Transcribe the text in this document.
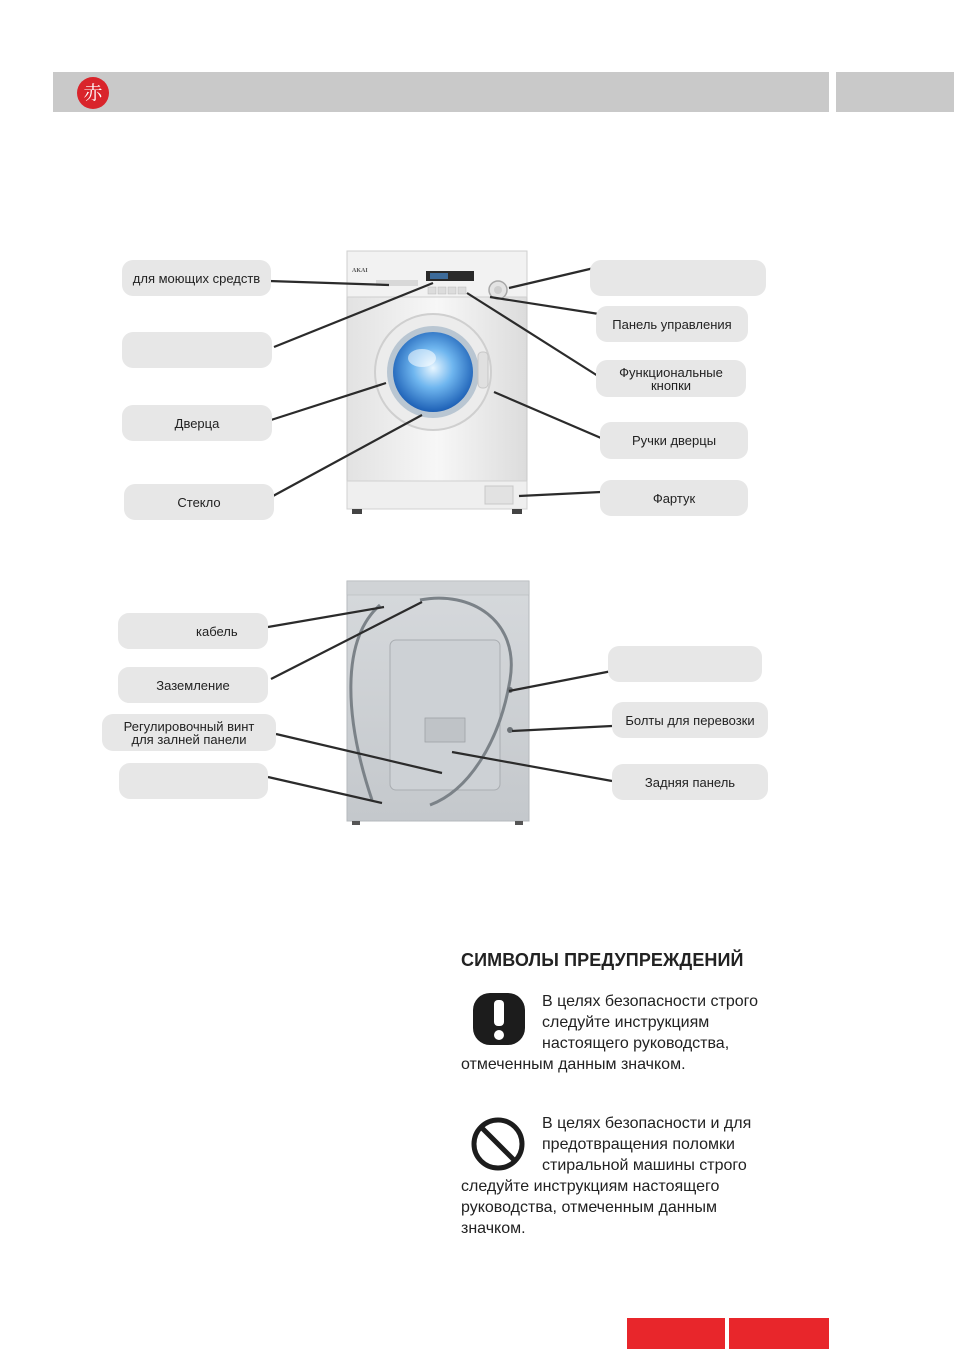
赤
AKAI
для моющих средств
Дверца
Стекло
Панель управления
Функциональные
кнопки
Ручки дверцы
Фартук
кабель
Заземление
Регулировочный винт
для залней панели
Болты для перевозки
Задняя панель
СИМВОЛЫ ПРЕДУПРЕЖДЕНИЙ
В целях безопасности строго
следуйте инструкциям
настоящего руководства,
отмеченным данным значком.
В целях безопасности и для
предотвращения поломки
стиральной машины строго
следуйте инструкциям настоящего
руководства, отмеченным данным
значком.
